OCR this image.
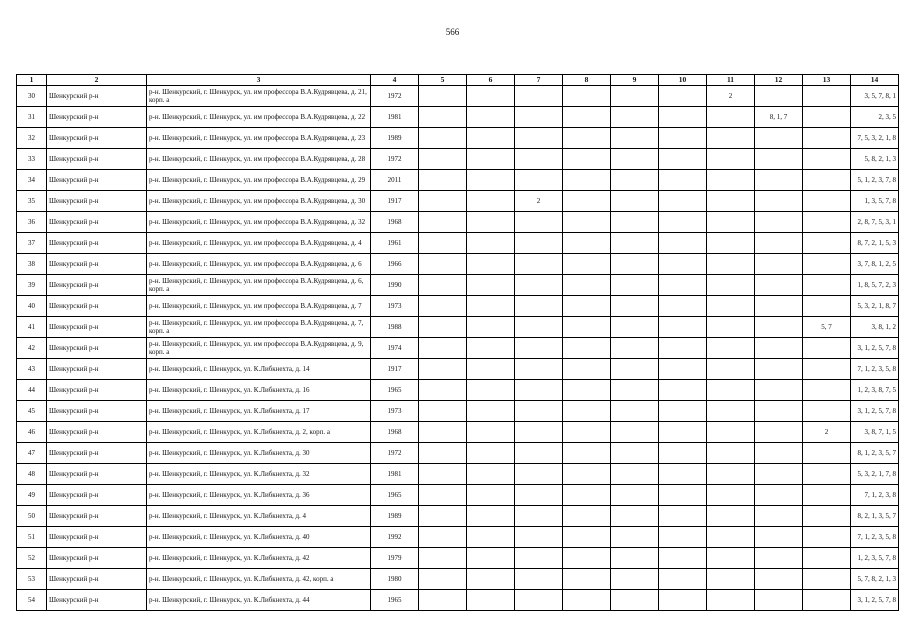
566
1	2	3	4	5	6	7	8	9	10	11	12	13	14
30	Шенкурский р-н	р-н. Шенкурский, г. Шенкурск, ул. им профессора В.А.Кудрявцева, д. 21, корп. а	1972							2			3, 5, 7, 8, 1
31	Шенкурский р-н	р-н. Шенкурский, г. Шенкурск, ул. им профессора В.А.Кудрявцева, д. 22	1981								8, 1, 7		2, 3, 5
32	Шенкурский р-н	р-н. Шенкурский, г. Шенкурск, ул. им профессора В.А.Кудрявцева, д. 23	1989										7, 5, 3, 2, 1, 8
33	Шенкурский р-н	р-н. Шенкурский, г. Шенкурск, ул. им профессора В.А.Кудрявцева, д. 28	1972										5, 8, 2, 1, 3
34	Шенкурский р-н	р-н. Шенкурский, г. Шенкурск, ул. им профессора В.А.Кудрявцева, д. 29	2011										5, 1, 2, 3, 7, 8
35	Шенкурский р-н	р-н. Шенкурский, г. Шенкурск, ул. им профессора В.А.Кудрявцева, д. 30	1917			2							1, 3, 5, 7, 8
36	Шенкурский р-н	р-н. Шенкурский, г. Шенкурск, ул. им профессора В.А.Кудрявцева, д. 32	1968										2, 8, 7, 5, 3, 1
37	Шенкурский р-н	р-н. Шенкурский, г. Шенкурск, ул. им профессора В.А.Кудрявцева, д. 4	1961										8, 7, 2, 1, 5, 3
38	Шенкурский р-н	р-н. Шенкурский, г. Шенкурск, ул. им профессора В.А.Кудрявцева, д. 6	1966										3, 7, 8, 1, 2, 5
39	Шенкурский р-н	р-н. Шенкурский, г. Шенкурск, ул. им профессора В.А.Кудрявцева, д. 6, корп. а	1990										1, 8, 5, 7, 2, 3
40	Шенкурский р-н	р-н. Шенкурский, г. Шенкурск, ул. им профессора В.А.Кудрявцева, д. 7	1973										5, 3, 2, 1, 8, 7
41	Шенкурский р-н	р-н. Шенкурский, г. Шенкурск, ул. им профессора В.А.Кудрявцева, д. 7, корп. а	1988									5, 7	3, 8, 1, 2
42	Шенкурский р-н	р-н. Шенкурский, г. Шенкурск, ул. им профессора В.А.Кудрявцева, д. 9, корп. а	1974										3, 1, 2, 5, 7, 8
43	Шенкурский р-н	р-н. Шенкурский, г. Шенкурск, ул. К.Либкнехта, д. 14	1917										7, 1, 2, 3, 5, 8
44	Шенкурский р-н	р-н. Шенкурский, г. Шенкурск, ул. К.Либкнехта, д. 16	1965										1, 2, 3, 8, 7, 5
45	Шенкурский р-н	р-н. Шенкурский, г. Шенкурск, ул. К.Либкнехта, д. 17	1973										3, 1, 2, 5, 7, 8
46	Шенкурский р-н	р-н. Шенкурский, г. Шенкурск, ул. К.Либкнехта, д. 2, корп. а	1968									2	3, 8, 7, 1, 5
47	Шенкурский р-н	р-н. Шенкурский, г. Шенкурск, ул. К.Либкнехта, д. 30	1972										8, 1, 2, 3, 5, 7
48	Шенкурский р-н	р-н. Шенкурский, г. Шенкурск, ул. К.Либкнехта, д. 32	1981										5, 3, 2, 1, 7, 8
49	Шенкурский р-н	р-н. Шенкурский, г. Шенкурск, ул. К.Либкнехта, д. 36	1965										7, 1, 2, 3, 8
50	Шенкурский р-н	р-н. Шенкурский, г. Шенкурск, ул. К.Либкнехта, д. 4	1989										8, 2, 1, 3, 5, 7
51	Шенкурский р-н	р-н. Шенкурский, г. Шенкурск, ул. К.Либкнехта, д. 40	1992										7, 1, 2, 3, 5, 8
52	Шенкурский р-н	р-н. Шенкурский, г. Шенкурск, ул. К.Либкнехта, д. 42	1979										1, 2, 3, 5, 7, 8
53	Шенкурский р-н	р-н. Шенкурский, г. Шенкурск, ул. К.Либкнехта, д. 42, корп. а	1980										5, 7, 8, 2, 1, 3
54	Шенкурский р-н	р-н. Шенкурский, г. Шенкурск, ул. К.Либкнехта, д. 44	1965										3, 1, 2, 5, 7, 8
